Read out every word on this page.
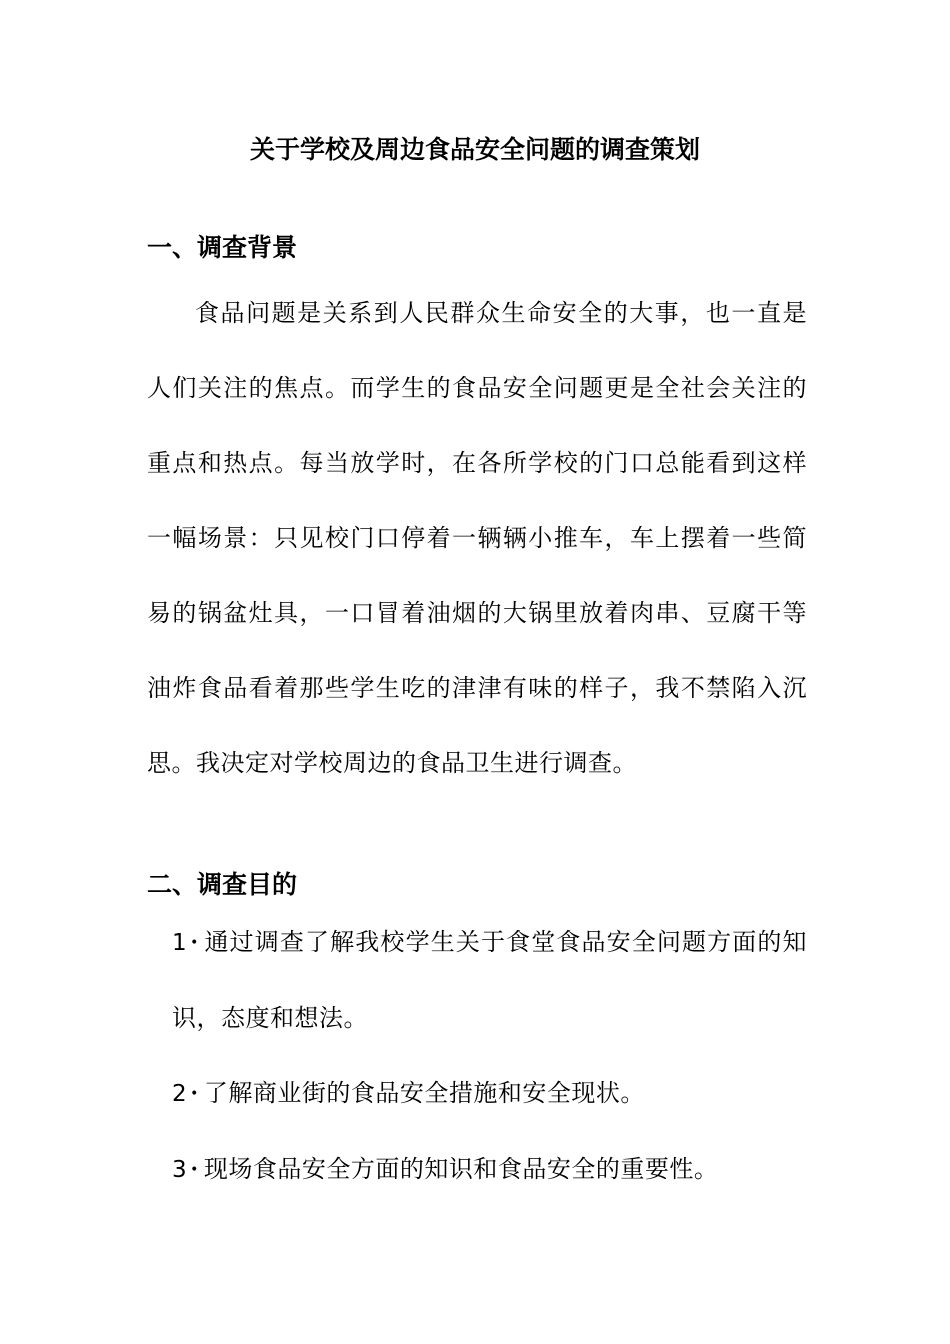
关于学校及周边食品安全问题的调查策划
一、调查背景

食品问题是关系到人民群众生命安全的大事，也一直是人们关注的焦点。而学生的食品安全问题更是全社会关注的重点和热点。每当放学时，在各所学校的门口总能看到这样一幅场景：只见校门口停着一辆辆小推车，车上摆着一些简易的锅盆灶具，一口冒着油烟的大锅里放着肉串、豆腐干等油炸食品看着那些学生吃的津津有味的样子，我不禁陷入沉思。我决定对学校周边的食品卫生进行调查。

二、调查目的
1 • 通过调查了解我校学生关于食堂食品安全问题方面的知识，态度和想法。
2 • 了解商业街的食品安全措施和安全现状。
3 • 现场食品安全方面的知识和食品安全的重要性。
